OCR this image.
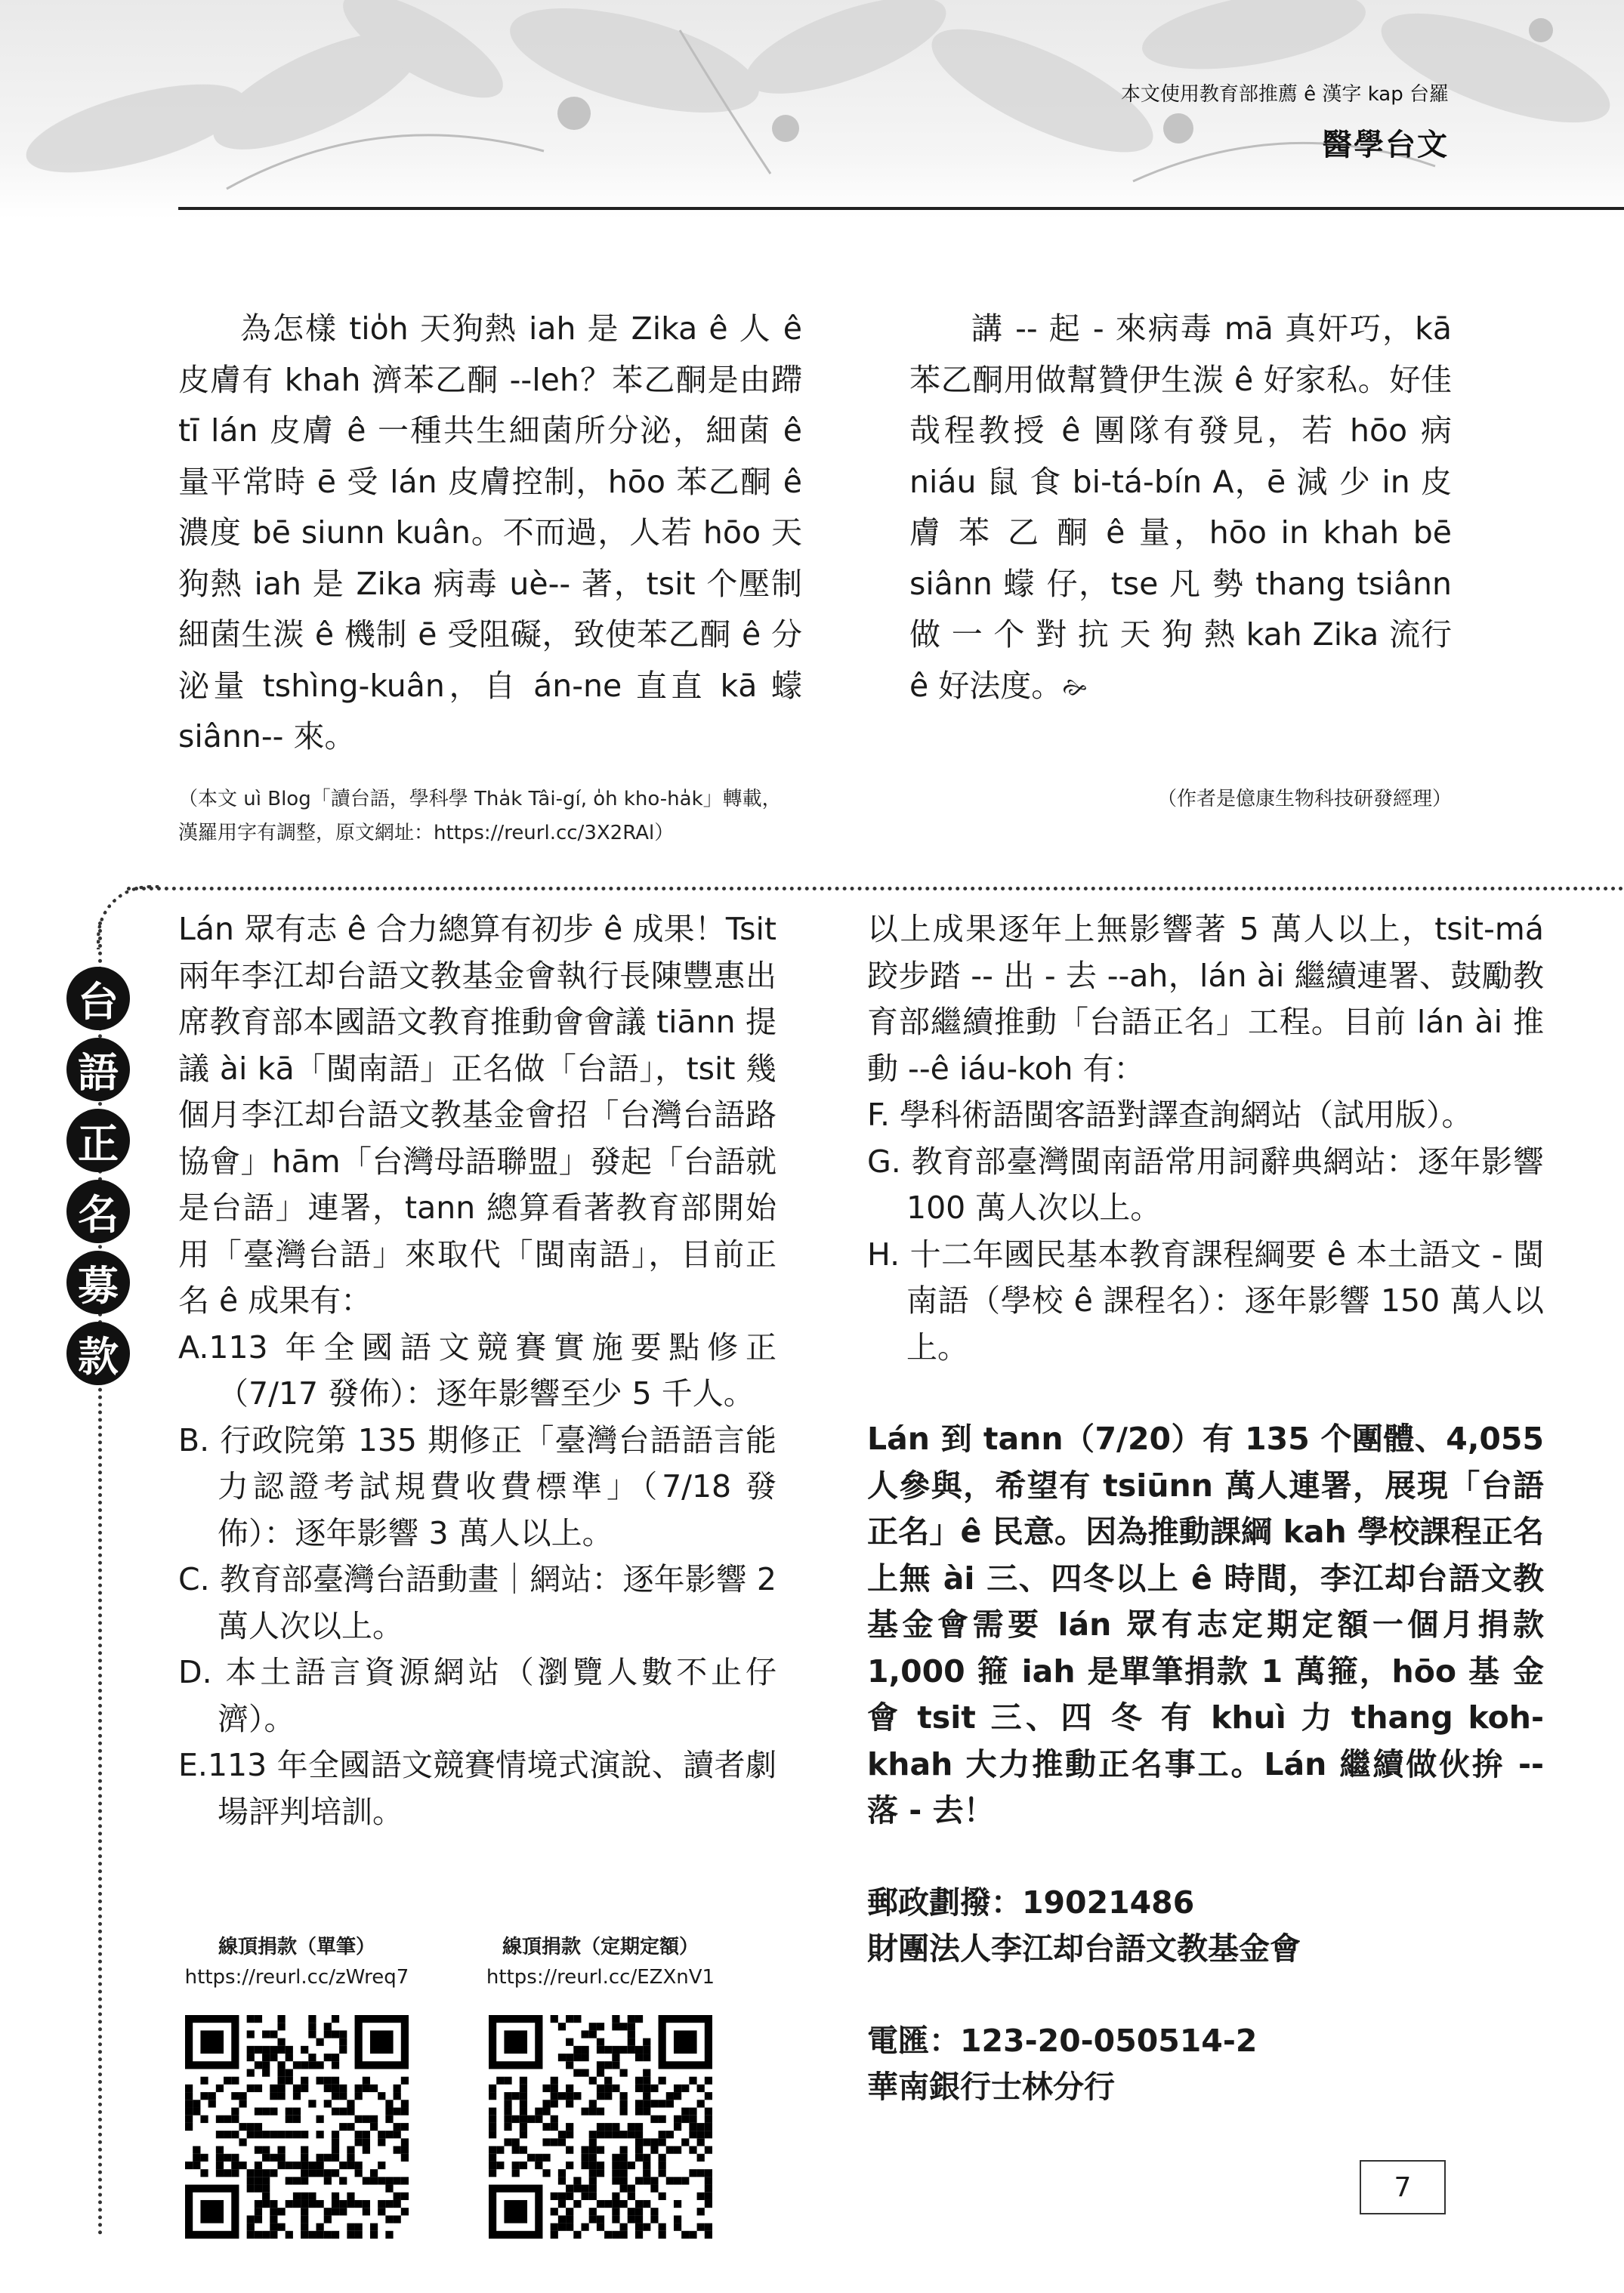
本文使用教育部推薦 ê 漢字 kap 台羅
醫學台文

為怎樣 tio̍h 天狗熱 iah 是 Zika ê 人 ê 皮膚有 khah 濟苯乙酮 --leh？苯乙酮是由蹛 tī lán 皮膚 ê 一種共生細菌所分泌，細菌 ê 量平常時 ē 受 lán 皮膚控制，hōo 苯乙酮 ê 濃度 bē siunn kuân。不而過，人若 hōo 天狗熱 iah 是 Zika 病毒 uè-- 著，tsit 个壓制細菌生湠 ê 機制 ē 受阻礙，致使苯乙酮 ê 分泌量 tshìng-kuân，自 án-ne 直直 kā 蠓 siânn-- 來。

講 -- 起 - 來病毒 mā 真奸巧，kā 苯乙酮用做幫贊伊生湠 ê 好家私。好佳哉程教授 ê 團隊有發見，若 hōo 病 niáu 鼠 食 bi-tá-bín A，ē 減 少 in 皮 膚 苯 乙 酮 ê 量，hōo in khah bē siânn 蠓 仔，tse 凡 勢 thang tsiânn 做 一 个 對 抗 天 狗 熱 kah Zika 流行 ê 好法度。🙚

（本文 uì Blog「讀台語，學科學 Tha̍k Tâi-gí, o̍h kho-ha̍k」轉載，
漢羅用字有調整，原文網址：https://reurl.cc/3X2RAl）
（作者是億康生物科技研發經理）
台
語
正
名
募
款

Lán 眾有志 ê 合力總算有初步 ê 成果！Tsit 兩年李江却台語文教基金會執行長陳豐惠出席教育部本國語文教育推動會會議 tiānn 提議 ài kā「閩南語」正名做「台語」，tsit 幾個月李江却台語文教基金會招「台灣台語路協會」hām「台灣母語聯盟」發起「台語就是台語」連署，tann 總算看著教育部開始用「臺灣台語」來取代「閩南語」，目前正名 ê 成果有：

A.113 年全國語文競賽實施要點修正（7/17 發佈）：逐年影響至少 5 千人。

B. 行政院第 135 期修正「臺灣台語語言能力認證考試規費收費標準」（7/18 發佈）：逐年影響 3 萬人以上。

C. 教育部臺灣台語動畫｜網站：逐年影響 2 萬人次以上。

D. 本土語言資源網站（瀏覽人數不止仔濟）。

E.113 年全國語文競賽情境式演說、讀者劇場評判培訓。

以上成果逐年上無影響著 5 萬人以上，tsit-má 跤步踏 -- 出 - 去 --ah，lán ài 繼續連署、鼓勵教育部繼續推動「台語正名」工程。目前 lán ài 推動 --ê iáu-koh 有：

F. 學科術語閩客語對譯查詢網站（試用版）。

G. 教育部臺灣閩南語常用詞辭典網站：逐年影響 100 萬人次以上。

H. 十二年國民基本教育課程綱要 ê 本土語文 - 閩南語（學校 ê 課程名）：逐年影響 150 萬人以上。

Lán 到 tann（7/20）有 135 个團體、4,055 人參與，希望有 tsiūnn 萬人連署，展現「台語正名」ê 民意。因為推動課綱 kah 學校課程正名上無 ài 三、四冬以上 ê 時間，李江却台語文教基金會需要 lán 眾有志定期定額一個月捐款 1,000 箍 iah 是單筆捐款 1 萬箍，hōo 基 金 會 tsit 三、四 冬 有 khuì 力 thang koh-khah 大力推動正名事工。Lán 繼續做伙拚 -- 落 - 去！

郵政劃撥：19021486

財團法人李江却台語文教基金會

電匯：123-20-050514-2

華南銀行士林分行

線頂捐款（單筆）
https://reurl.cc/zWreq7
線頂捐款（定期定額）
https://reurl.cc/EZXnV1
7
